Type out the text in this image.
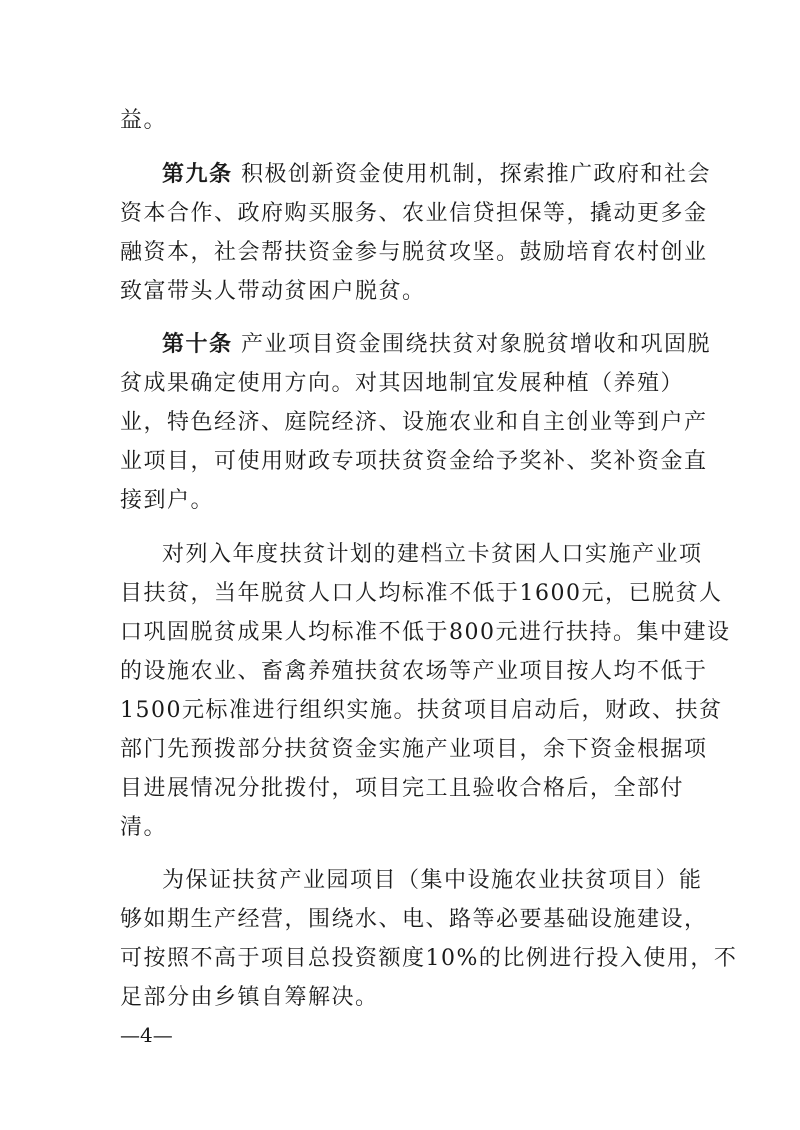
益。
第九条 积极创新资金使用机制，探索推广政府和社会
资本合作、政府购买服务、农业信贷担保等，撬动更多金
融资本，社会帮扶资金参与脱贫攻坚。鼓励培育农村创业
致富带头人带动贫困户脱贫。
第十条 产业项目资金围绕扶贫对象脱贫增收和巩固脱
贫成果确定使用方向。对其因地制宜发展种植（养殖）
业，特色经济、庭院经济、设施农业和自主创业等到户产
业项目，可使用财政专项扶贫资金给予奖补、奖补资金直
接到户。
对列入年度扶贫计划的建档立卡贫困人口实施产业项
目扶贫，当年脱贫人口人均标准不低于1600元，已脱贫人
口巩固脱贫成果人均标准不低于800元进行扶持。集中建设
的设施农业、畜禽养殖扶贫农场等产业项目按人均不低于
1500元标准进行组织实施。扶贫项目启动后，财政、扶贫
部门先预拨部分扶贫资金实施产业项目，余下资金根据项
目进展情况分批拨付，项目完工且验收合格后，全部付
清。
为保证扶贫产业园项目（集中设施农业扶贫项目）能
够如期生产经营，围绕水、电、路等必要基础设施建设，
可按照不高于项目总投资额度10%的比例进行投入使用，不
足部分由乡镇自筹解决。
—4—
